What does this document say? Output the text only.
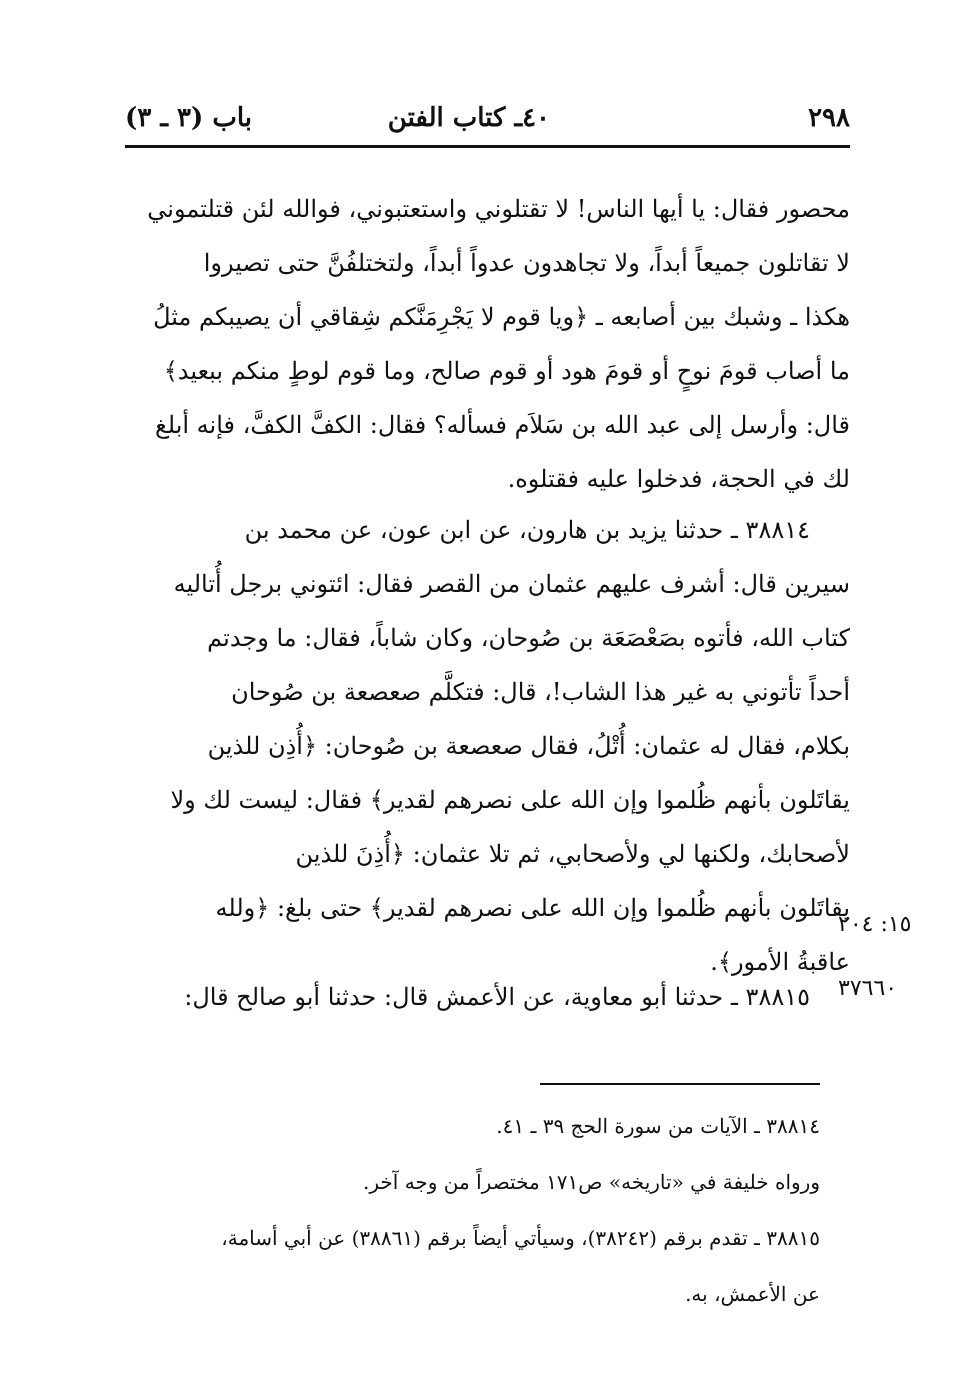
٢٩٨
٤٠ـ كتاب الفتن
باب (٣ ـ ٣)
محصور فقال: يا أيها الناس! لا تقتلوني واستعتبوني، فوالله لئن قتلتموني
لا تقاتلون جميعاً أبداً، ولا تجاهدون عدواً أبداً، ولتختلفُنَّ حتى تصيروا
هكذا ـ وشبك بين أصابعه ـ ﴿ويا قوم لا يَجْرِمَنَّكم شِقاقي أن يصيبكم مثلُ
ما أصاب قومَ نوحٍ أو قومَ هود أو قوم صالح، وما قوم لوطٍ منكم ببعيد﴾
قال: وأرسل إلى عبد الله بن سَلاَم فسأله؟ فقال: الكفَّ الكفَّ، فإنه أبلغ
لك في الحجة، فدخلوا عليه فقتلوه.
٣٨٨١٤ ـ حدثنا يزيد بن هارون، عن ابن عون، عن محمد بن
سيرين قال: أشرف عليهم عثمان من القصر فقال: ائتوني برجل أُتاليه
كتاب الله، فأتوه بصَعْصَعَة بن صُوحان، وكان شاباً، فقال: ما وجدتم
أحداً تأتوني به غير هذا الشاب!، قال: فتكلَّم صعصعة بن صُوحان
بكلام، فقال له عثمان: أُتْلُ، فقال صعصعة بن صُوحان: ﴿أُذِن للذين
يقاتَلون بأنهم ظُلموا وإن الله على نصرهم لقدير﴾ فقال: ليست لك ولا
لأصحابك، ولكنها لي ولأصحابي، ثم تلا عثمان: ﴿أُذِنَ للذين
يقاتَلون بأنهم ظُلموا وإن الله على نصرهم لقدير﴾ حتى بلغ: ﴿ولله
عاقبةُ الأمور﴾.
٣٨٨١٥ ـ حدثنا أبو معاوية، عن الأعمش قال: حدثنا أبو صالح قال:
١٥: ٢٠٤
٣٧٦٦٠
٣٨٨١٤ ـ الآيات من سورة الحج ٣٩ ـ ٤١.
ورواه خليفة في «تاريخه» ص١٧١ مختصراً من وجه آخر.
٣٨٨١٥ ـ تقدم برقم (٣٨٢٤٢)، وسيأتي أيضاً برقم (٣٨٨٦١) عن أبي أسامة،
عن الأعمش، به.
